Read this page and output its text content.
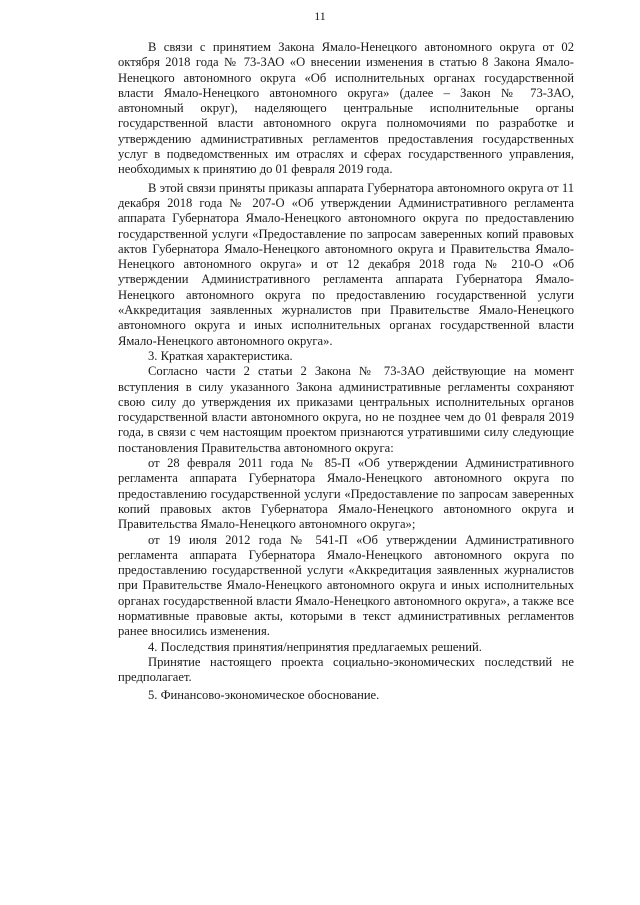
11

В связи с принятием Закона Ямало-Ненецкого автономного округа от 02 октября 2018 года № 73-ЗАО «О внесении изменения в статью 8 Закона Ямало-Ненецкого автономного округа «Об исполнительных органах государственной власти Ямало-Ненецкого автономного округа» (далее – Закон № 73-ЗАО, автономный округ), наделяющего центральные исполнительные органы государственной власти автономного округа полномочиями по разработке и утверждению административных регламентов предоставления государственных услуг в подведомственных им отраслях и сферах государственного управления, необходимых к принятию до 01 февраля 2019 года.

В этой связи приняты приказы аппарата Губернатора автономного округа от 11 декабря 2018 года № 207-О «Об утверждении Административного регламента аппарата Губернатора Ямало-Ненецкого автономного округа по предоставлению государственной услуги «Предоставление по запросам заверенных копий правовых актов Губернатора Ямало-Ненецкого автономного округа и Правительства Ямало-Ненецкого автономного округа» и от 12 декабря 2018 года № 210-О «Об утверждении Административного регламента аппарата Губернатора Ямало-Ненецкого автономного округа по предоставлению государственной услуги «Аккредитация заявленных журналистов при Правительстве Ямало-Ненецкого автономного округа и иных исполнительных органах государственной власти Ямало-Ненецкого автономного округа».

3. Краткая характеристика.

Согласно части 2 статьи 2 Закона № 73-ЗАО действующие на момент вступления в силу указанного Закона административные регламенты сохраняют свою силу до утверждения их приказами центральных исполнительных органов государственной власти автономного округа, но не позднее чем до 01 февраля 2019 года, в связи с чем настоящим проектом признаются утратившими силу следующие постановления Правительства автономного округа:

от 28 февраля 2011 года № 85-П «Об утверждении Административного регламента аппарата Губернатора Ямало-Ненецкого автономного округа по предоставлению государственной услуги «Предоставление по запросам заверенных копий правовых актов Губернатора Ямало-Ненецкого автономного округа и Правительства Ямало-Ненецкого автономного округа»;

от 19 июля 2012 года № 541-П «Об утверждении Административного регламента аппарата Губернатора Ямало-Ненецкого автономного округа по предоставлению государственной услуги «Аккредитация заявленных журналистов при Правительстве Ямало-Ненецкого автономного округа и иных исполнительных органах государственной власти Ямало-Ненецкого автономного округа», а также все нормативные правовые акты, которыми в текст административных регламентов ранее вносились изменения.

4. Последствия принятия/непринятия предлагаемых решений.

Принятие настоящего проекта социально-экономических последствий не предполагает.

5. Финансово-экономическое обоснование.
